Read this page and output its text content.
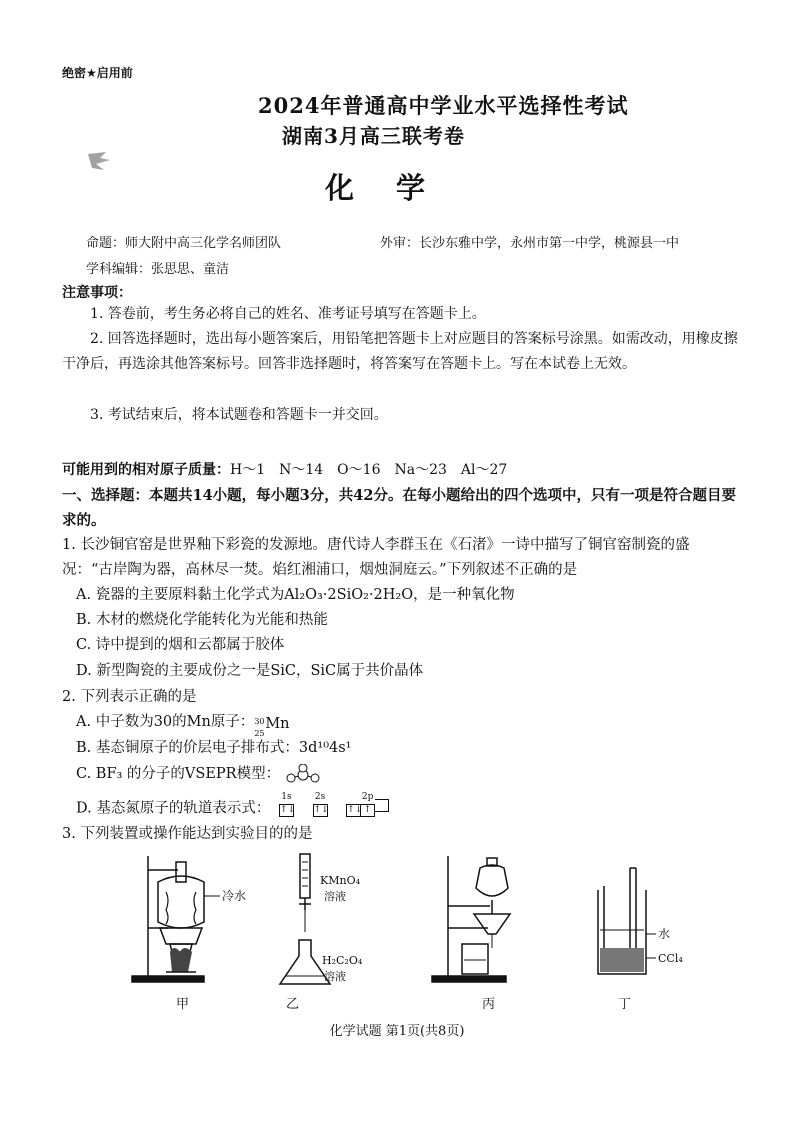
绝密★启用前
2024年普通高中学业水平选择性考试
湖南3月高三联考卷
化学
命题：师大附中高三化学名师团队	外审：长沙东雅中学，永州市第一中学，桃源县一中
学科编辑：张思思、童洁
注意事项：
1. 答卷前，考生务必将自己的姓名、准考证号填写在答题卡上。
2. 回答选择题时，选出每小题答案后，用铅笔把答题卡上对应题目的答案标号涂黑。如需改动，用橡皮擦干净后，再选涂其他答案标号。回答非选择题时，将答案写在答题卡上。写在本试卷上无效。
3. 考试结束后，将本试题卷和答题卡一并交回。
可能用到的相对原子质量：H～1　N～14　O～16　Na～23　Al～27
一、选择题：本题共14小题，每小题3分，共42分。在每小题给出的四个选项中，只有一项是符合题目要求的。
1. 长沙铜官窑是世界釉下彩瓷的发源地。唐代诗人李群玉在《石渚》一诗中描写了铜官窑制瓷的盛况：“古岸陶为器，高林尽一焚。焰红湘浦口，烟烛洞庭云。”下列叙述不正确的是
A. 瓷器的主要原料黏土化学式为Al₂O₃·2SiO₂·2H₂O，是一种氧化物
B. 木材的燃烧化学能转化为光能和热能
C. 诗中提到的烟和云都属于胶体
D. 新型陶瓷的主要成份之一是SiC，SiC属于共价晶体
2. 下列表示正确的是
A. 中子数为30的Mn原子： 30
25
Mn
B. 基态铜原子的价层电子排布式：3d¹⁰4s¹
C. BF₃ 的分子的VSEPR模型：
D. 基态氮原子的轨道表示式：
1s
↑↓
2s
↑↓
2p
↑↓ ↑
3. 下列装置或操作能达到实验目的的是
冷水
甲
KMnO₄
溶液
H₂C₂O₄
溶液
乙	丙
水
CCl₄
丁
化学试题 第1页(共8页)
